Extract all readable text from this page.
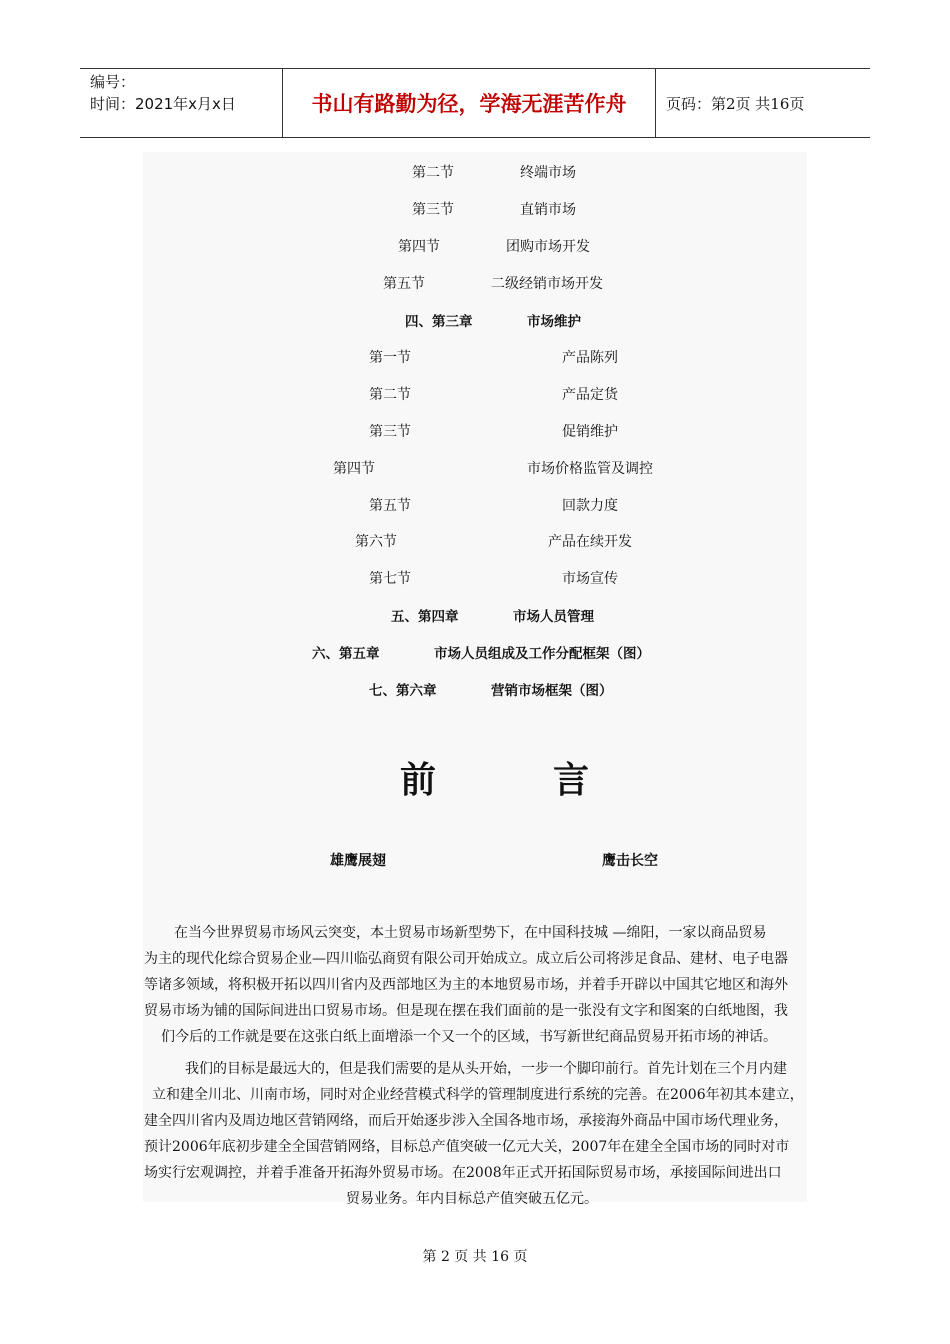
编号：
时间：2021年x月x日	书山有路勤为径，学海无涯苦作舟	页码：第2页 共16页
第二节	终端市场
第三节	直销市场
第四节	团购市场开发
第五节	二级经销市场开发
四、第三章	市场维护
第一节	产品陈列
第二节	产品定货
第三节	促销维护
第四节	市场价格监管及调控
第五节	回款力度
第六节	产品在续开发
第七节	市场宣传
五、第四章	市场人员管理
六、第五章	市场人员组成及工作分配框架（图）
七、第六章	营销市场框架（图）
前	言
雄鹰展翅	鹰击长空
在当今世界贸易市场风云突变，本土贸易市场新型势下，在中国科技城 —绵阳，一家以商品贸易
为主的现代化综合贸易企业—四川临弘商贸有限公司开始成立。成立后公司将涉足食品、建材、电子电器
等诸多领域，将积极开拓以四川省内及西部地区为主的本地贸易市场，并着手开辟以中国其它地区和海外
贸易市场为铺的国际间进出口贸易市场。但是现在摆在我们面前的是一张没有文字和图案的白纸地图，我
们今后的工作就是要在这张白纸上面增添一个又一个的区域，书写新世纪商品贸易开拓市场的神话。
我们的目标是最远大的，但是我们需要的是从头开始，一步一个脚印前行。首先计划在三个月内建
立和建全川北、川南市场，同时对企业经营模式科学的管理制度进行系统的完善。在2006年初其本建立，
建全四川省内及周边地区营销网络，而后开始逐步涉入全国各地市场，承接海外商品中国市场代理业务，
预计2006年底初步建全全国营销网络，目标总产值突破一亿元大关，2007年在建全全国市场的同时对市
场实行宏观调控，并着手准备开拓海外贸易市场。在2008年正式开拓国际贸易市场，承接国际间进出口
贸易业务。年内目标总产值突破五亿元。
第 2 页 共 16 页
